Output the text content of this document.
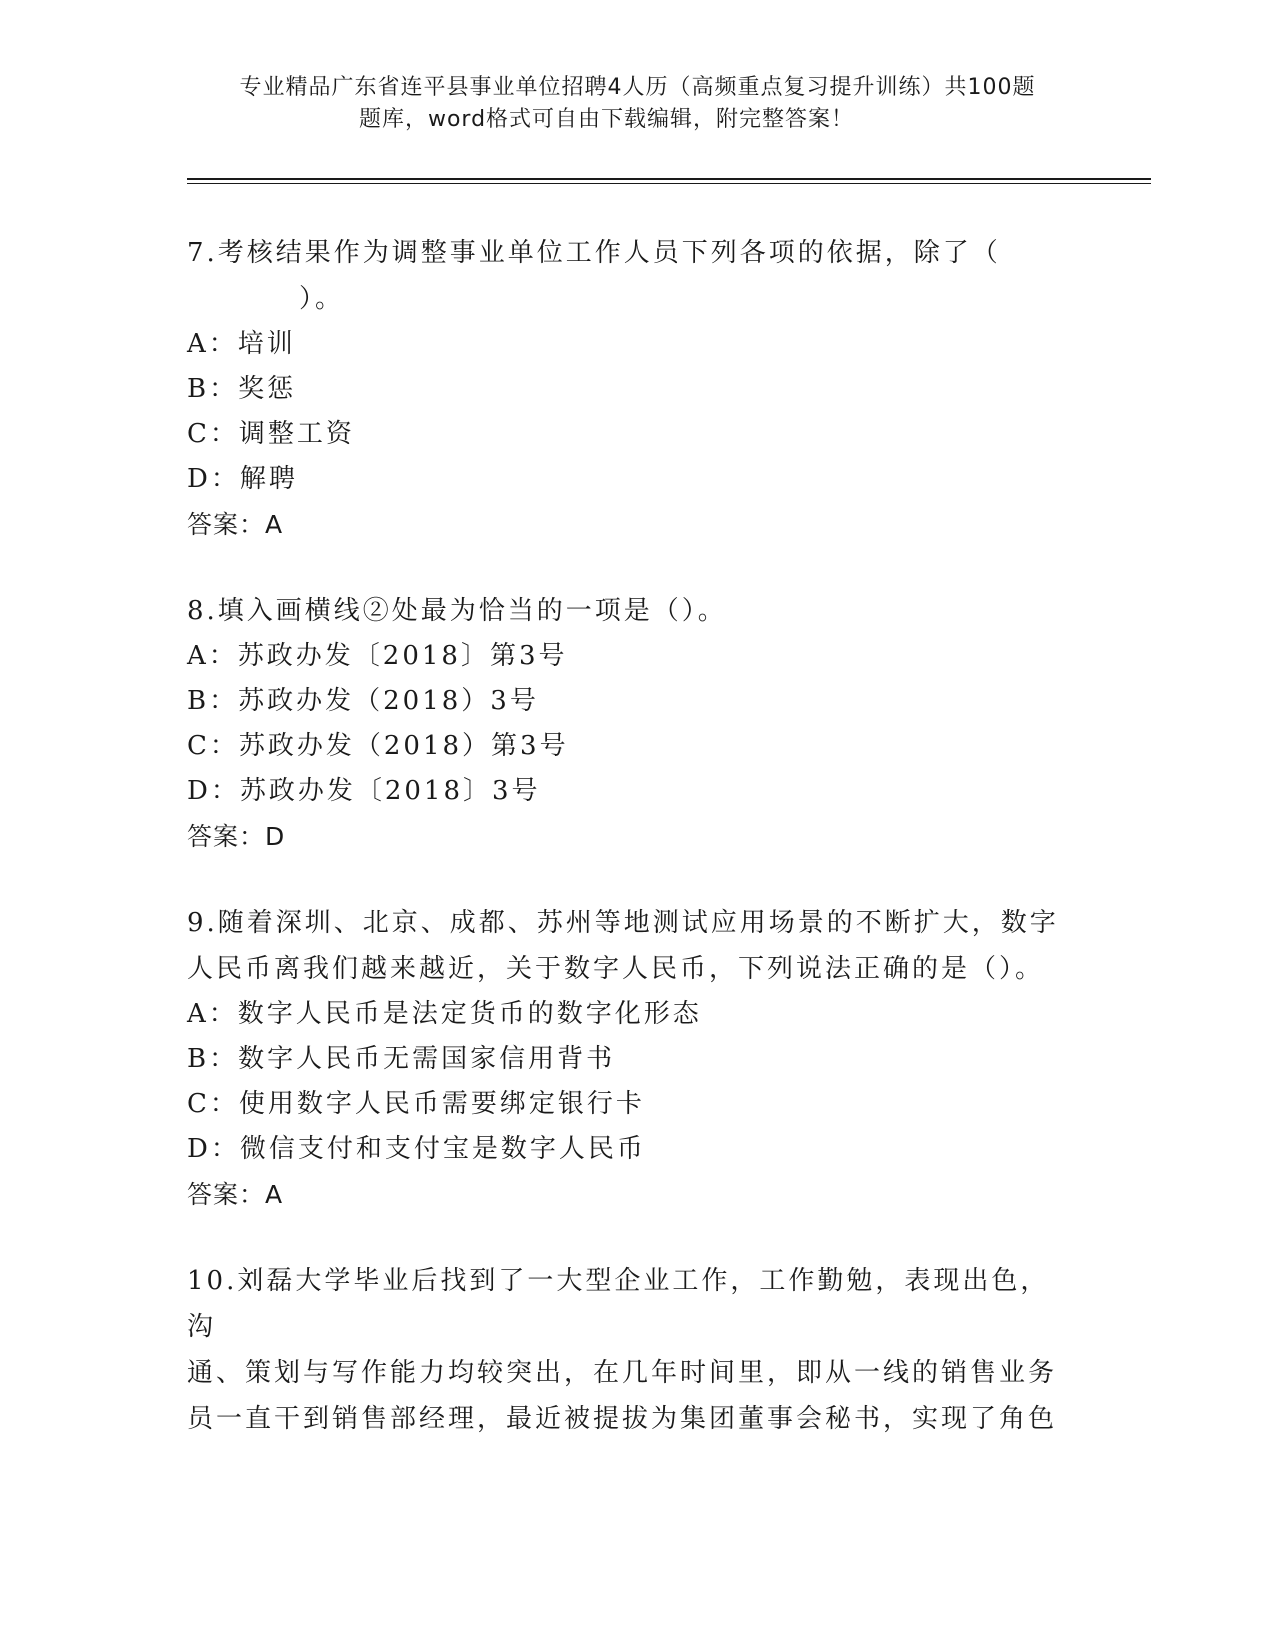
专业精品广东省连平县事业单位招聘4人历（高频重点复习提升训练）共100题
题库，word格式可自由下载编辑，附完整答案！
7.考核结果作为调整事业单位工作人员下列各项的依据，除了（
）。
A：培训
B：奖惩
C：调整工资
D：解聘
答案：A
8.填入画横线②处最为恰当的一项是（）。
A：苏政办发〔2018〕第3号
B：苏政办发（2018）3号
C：苏政办发（2018）第3号
D：苏政办发〔2018〕3号
答案：D
9.随着深圳、北京、成都、苏州等地测试应用场景的不断扩大，数字
人民币离我们越来越近，关于数字人民币，下列说法正确的是（）。
A：数字人民币是法定货币的数字化形态
B：数字人民币无需国家信用背书
C：使用数字人民币需要绑定银行卡
D：微信支付和支付宝是数字人民币
答案：A
10.刘磊大学毕业后找到了一大型企业工作，工作勤勉，表现出色，沟
通、策划与写作能力均较突出，在几年时间里，即从一线的销售业务
员一直干到销售部经理，最近被提拔为集团董事会秘书，实现了角色
